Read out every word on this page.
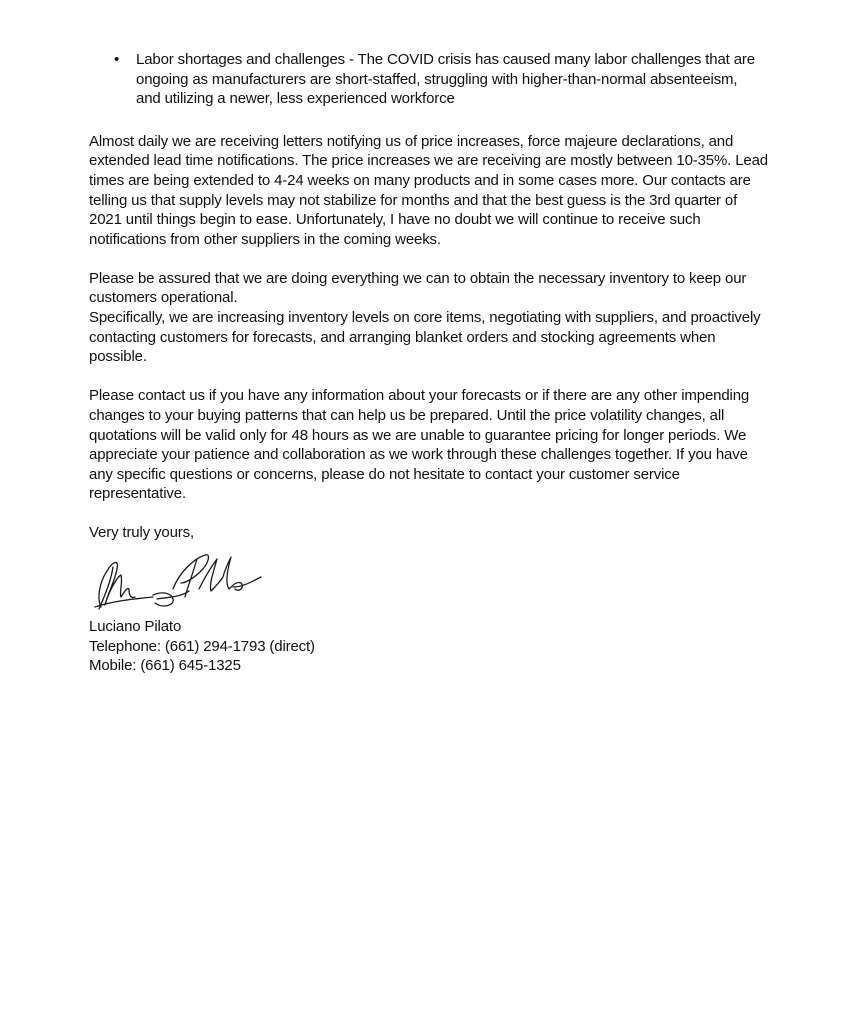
• Labor shortages and challenges - The COVID crisis has caused many labor challenges that are ongoing as manufacturers are short-staffed, struggling with higher-than-normal absenteeism, and utilizing a newer, less experienced workforce

Almost daily we are receiving letters notifying us of price increases, force majeure declarations, and extended lead time notifications. The price increases we are receiving are mostly between 10-35%. Lead times are being extended to 4-24 weeks on many products and in some cases more. Our contacts are telling us that supply levels may not stabilize for months and that the best guess is the 3rd quarter of 2021 until things begin to ease. Unfortunately, I have no doubt we will continue to receive such notifications from other suppliers in the coming weeks.

Please be assured that we are doing everything we can to obtain the necessary inventory to keep our customers operational.

Specifically, we are increasing inventory levels on core items, negotiating with suppliers, and proactively contacting customers for forecasts, and arranging blanket orders and stocking agreements when possible.

Please contact us if you have any information about your forecasts or if there are any other impending changes to your buying patterns that can help us be prepared. Until the price volatility changes, all quotations will be valid only for 48 hours as we are unable to guarantee pricing for longer periods. We appreciate your patience and collaboration as we work through these challenges together. If you have any specific questions or concerns, please do not hesitate to contact your customer service representative.

Very truly yours,

Luciano Pilato
Telephone: (661) 294-1793 (direct)
Mobile: (661) 645-1325
